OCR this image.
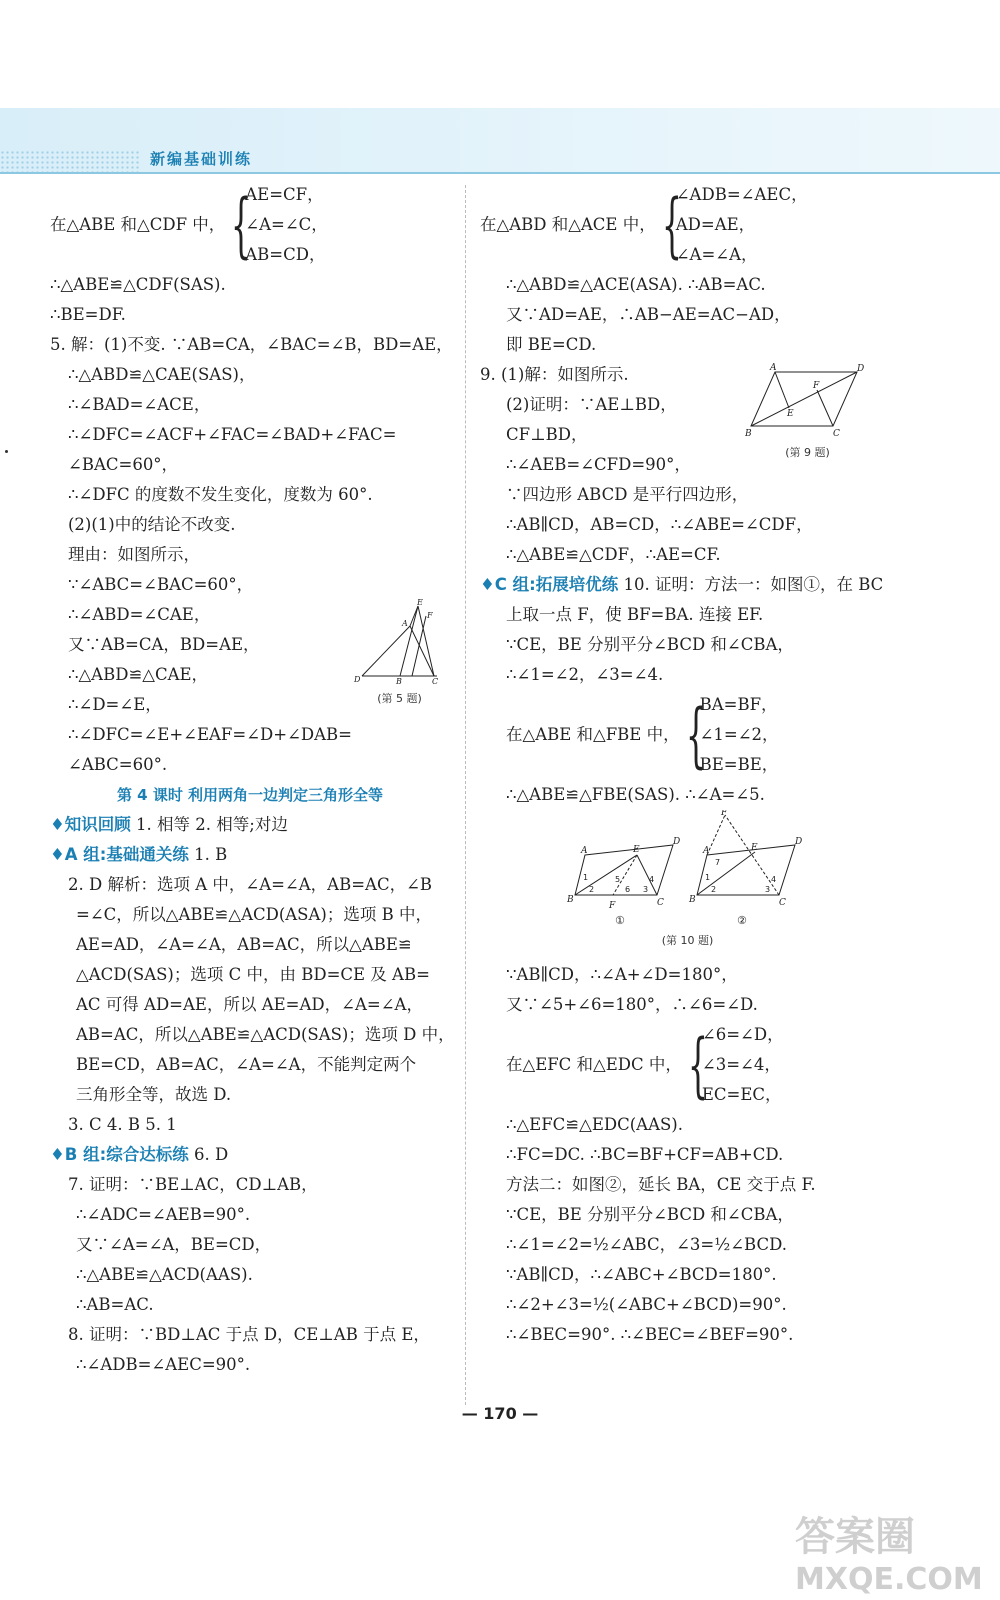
新编基础训练
在△ABE 和△CDF 中， {
AE=CF，
∠A=∠C，
AB=CD，
∴△ABE≌△CDF(SAS).
∴BE=DF.
5. 解：(1)不变. ∵AB=CA，∠BAC=∠B，BD=AE，
∴△ABD≌△CAE(SAS)，
∴∠BAD=∠ACE，
∴∠DFC=∠ACF+∠FAC=∠BAD+∠FAC=
∠BAC=60°，
∴∠DFC 的度数不发生变化，度数为 60°.
(2)(1)中的结论不改变.
理由：如图所示，
∵∠ABC=∠BAC=60°，
∴∠ABD=∠CAE，
又∵AB=CA，BD=AE，
∴△ABD≌△CAE，
∴∠D=∠E，
∴∠DFC=∠E+∠EAF=∠D+∠DAB=
∠ABC=60°.
第 4 课时 利用两角一边判定三角形全等
♦知识回顾 1. 相等 2. 相等;对边
♦A 组:基础通关练 1. B
2. D 解析：选项 A 中，∠A=∠A，AB=AC，∠B
=∠C，所以△ABE≌△ACD(ASA)；选项 B 中，
AE=AD，∠A=∠A，AB=AC，所以△ABE≌
△ACD(SAS)；选项 C 中，由 BD=CE 及 AB=
AC 可得 AD=AE，所以 AE=AD，∠A=∠A，
AB=AC，所以△ABE≌△ACD(SAS)；选项 D 中，
BE=CD，AB=AC，∠A=∠A，不能判定两个
三角形全等，故选 D.
3. C 4. B 5. 1
♦B 组:综合达标练 6. D
7. 证明：∵BE⊥AC，CD⊥AB，
∴∠ADC=∠AEB=90°.
又∵∠A=∠A，BE=CD，
∴△ABE≌△ACD(AAS).
∴AB=AC.
8. 证明：∵BD⊥AC 于点 D，CE⊥AB 于点 E，
∴∠ADB=∠AEC=90°.
D	B	C
A
E
F
(第 5 题)
在△ABD 和△ACE 中， {
∠ADB=∠AEC，
AD=AE，
∠A=∠A，
∴△ABD≌△ACE(ASA). ∴AB=AC.
又∵AD=AE，∴AB−AE=AC−AD，
即 BE=CD.
9. (1)解：如图所示.
(2)证明：∵AE⊥BD，
CF⊥BD，
∴∠AEB=∠CFD=90°，
∵四边形 ABCD 是平行四边形，
∴AB∥CD，AB=CD，∴∠ABE=∠CDF，
∴△ABE≌△CDF，∴AE=CF.
♦C 组:拓展培优练 10. 证明：方法一：如图①，在 BC
上取一点 F，使 BF=BA. 连接 EF.
∵CE，BE 分别平分∠BCD 和∠CBA，
∴∠1=∠2，∠3=∠4.
在△ABE 和△FBE 中， {
BA=BF，
∠1=∠2，
BE=BE，
∴△ABE≌△FBE(SAS). ∴∠A=∠5.
∵AB∥CD，∴∠A+∠D=180°，
又∵∠5+∠6=180°，∴∠6=∠D.
在△EFC 和△EDC 中， {
∠6=∠D，
∠3=∠4，
EC=EC，
∴△EFC≌△EDC(AAS).
∴FC=DC. ∴BC=BF+CF=AB+CD.
方法二：如图②，延长 BA，CE 交于点 F.
∵CE，BE 分别平分∠BCD 和∠CBA，
∴∠1=∠2=½∠ABC，∠3=½∠BCD.
∵AB∥CD，∴∠ABC+∠BCD=180°.
∴∠2+∠3=½(∠ABC+∠BCD)=90°.
∴∠BEC=90°. ∴∠BEC=∠BEF=90°.
A	D
B	C
E
F
(第 9 题)
A
D
B	C
E
F
A
D
B	C
E
F
1
2
5
6 3
4	1
2
7
3
4
①	②
(第 10 题)
— 170 —
答案圈
MXQE.COM
